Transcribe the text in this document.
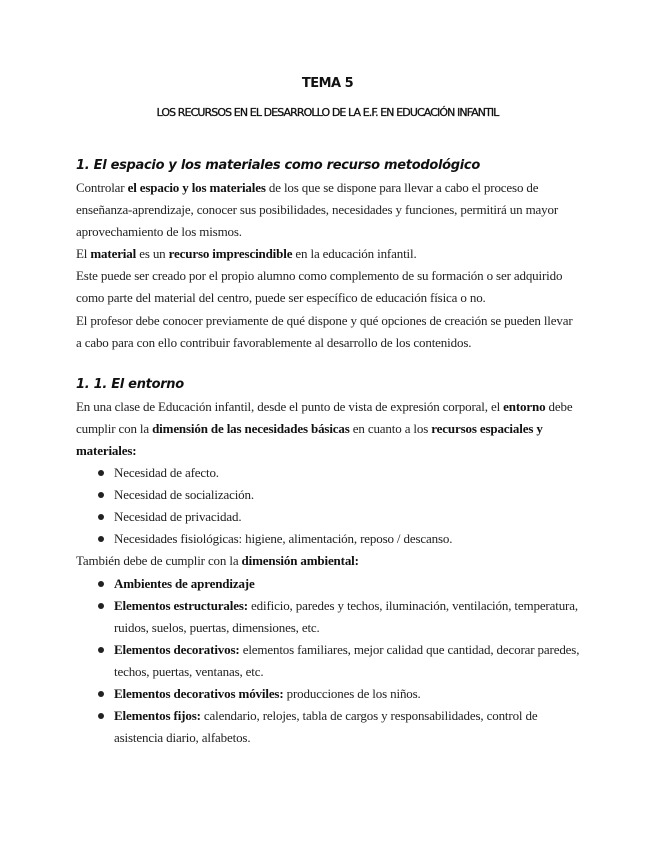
TEMA 5
LOS RECURSOS EN EL DESARROLLO DE LA E.F. EN EDUCACIÓN INFANTIL
1. El espacio y los materiales como recurso metodológico

Controlar el espacio y los materiales de los que se dispone para llevar a cabo el proceso de enseñanza-aprendizaje, conocer sus posibilidades, necesidades y funciones, permitirá un mayor aprovechamiento de los mismos.

El material es un recurso imprescindible en la educación infantil.

Este puede ser creado por el propio alumno como complemento de su formación o ser adquirido como parte del material del centro, puede ser específico de educación física o no.

El profesor debe conocer previamente de qué dispone y qué opciones de creación se pueden llevar a cabo para con ello contribuir favorablemente al desarrollo de los contenidos.

1. 1. El entorno

En una clase de Educación infantil, desde el punto de vista de expresión corporal, el entorno debe cumplir con la dimensión de las necesidades básicas en cuanto a los recursos espaciales y materiales:

Necesidad de afecto.
Necesidad de socialización.
Necesidad de privacidad.
Necesidades fisiológicas: higiene, alimentación, reposo / descanso.

También debe de cumplir con la dimensión ambiental:

Ambientes de aprendizaje
Elementos estructurales: edificio, paredes y techos, iluminación, ventilación, temperatura, ruidos, suelos, puertas, dimensiones, etc.
Elementos decorativos: elementos familiares, mejor calidad que cantidad, decorar paredes, techos, puertas, ventanas, etc.
Elementos decorativos móviles: producciones de los niños.
Elementos fijos: calendario, relojes, tabla de cargos y responsabilidades, control de asistencia diario, alfabetos.
